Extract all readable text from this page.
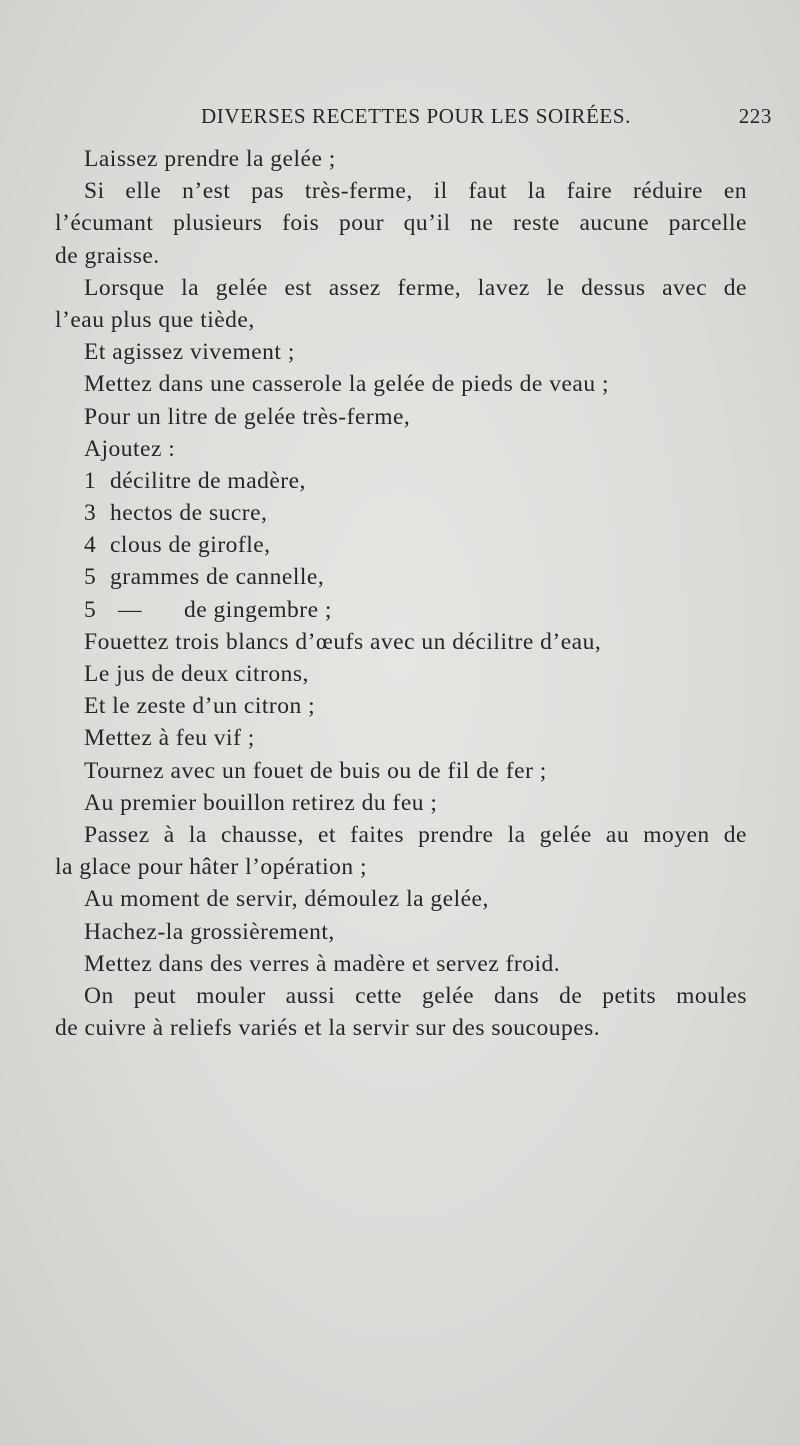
DIVERSES RECETTES POUR LES SOIRÉES.	223
Laissez prendre la gelée ;
Si elle n’est pas très-ferme, il faut la faire réduire en
l’écumant plusieurs fois pour qu’il ne reste aucune parcelle
de graisse.
Lorsque la gelée est assez ferme, lavez le dessus avec de
l’eau plus que tiède,
Et agissez vivement ;
Mettez dans une casserole la gelée de pieds de veau ;
Pour un litre de gelée très-ferme,
Ajoutez :
1 décilitre de madère,
3 hectos de sucre,
4 clous de girofle,
5 grammes de cannelle,
5 — de gingembre ;
Fouettez trois blancs d’œufs avec un décilitre d’eau,
Le jus de deux citrons,
Et le zeste d’un citron ;
Mettez à feu vif ;
Tournez avec un fouet de buis ou de fil de fer ;
Au premier bouillon retirez du feu ;
Passez à la chausse, et faites prendre la gelée au moyen de
la glace pour hâter l’opération ;
Au moment de servir, démoulez la gelée,
Hachez-la grossièrement,
Mettez dans des verres à madère et servez froid.
On peut mouler aussi cette gelée dans de petits moules
de cuivre à reliefs variés et la servir sur des soucoupes.
